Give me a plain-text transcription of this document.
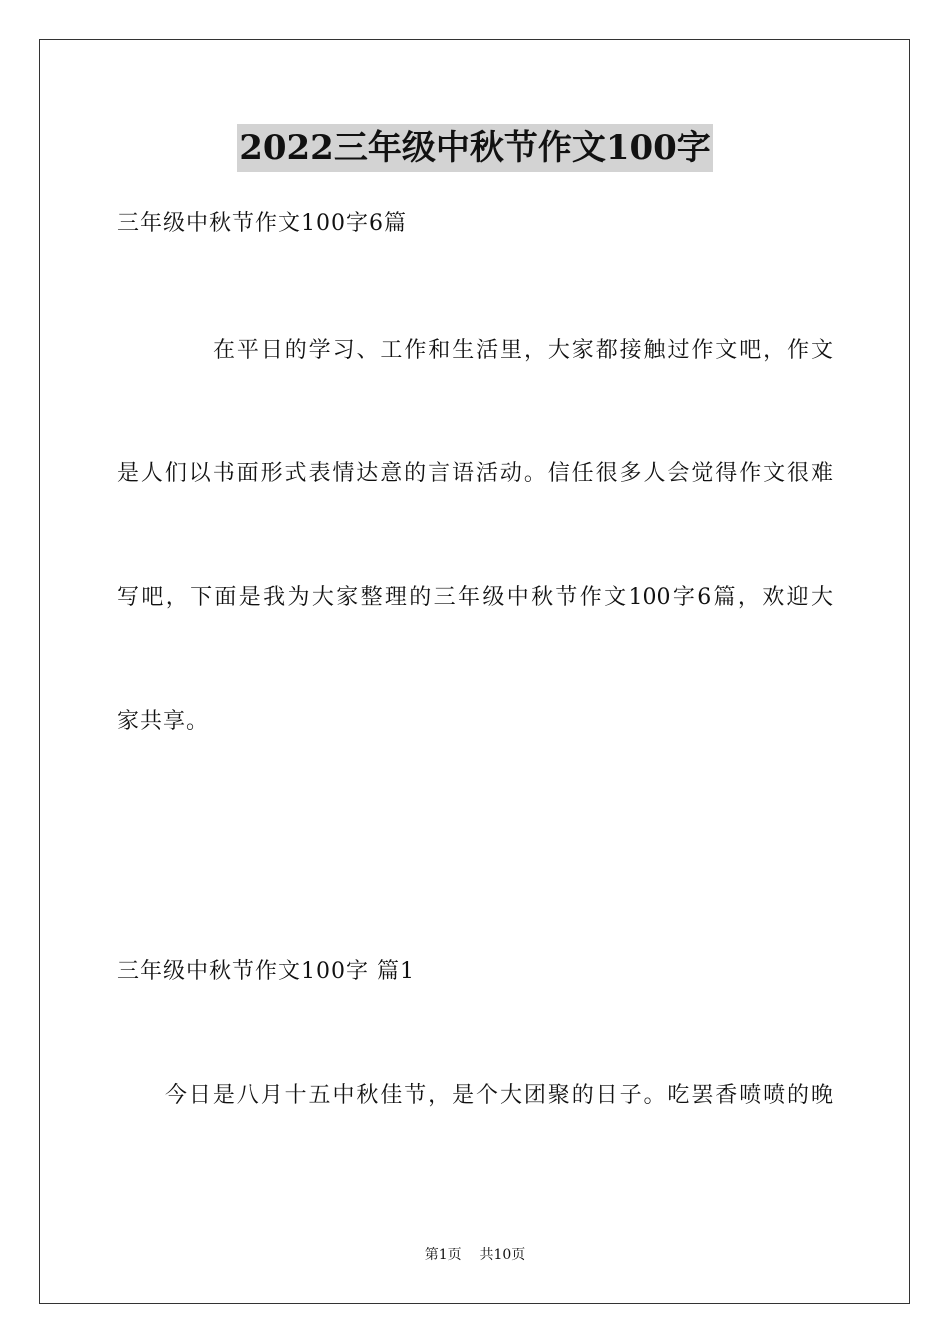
2022三年级中秋节作文100字
三年级中秋节作文100字6篇
在平日的学习、工作和生活里，大家都接触过作文吧，作文
是人们以书面形式表情达意的言语活动。信任很多人会觉得作文很难
写吧，下面是我为大家整理的三年级中秋节作文100字6篇，欢迎大
家共享。
三年级中秋节作文100字 篇1
今日是八月十五中秋佳节，是个大团聚的日子。吃罢香喷喷的晚
第1页    共10页
